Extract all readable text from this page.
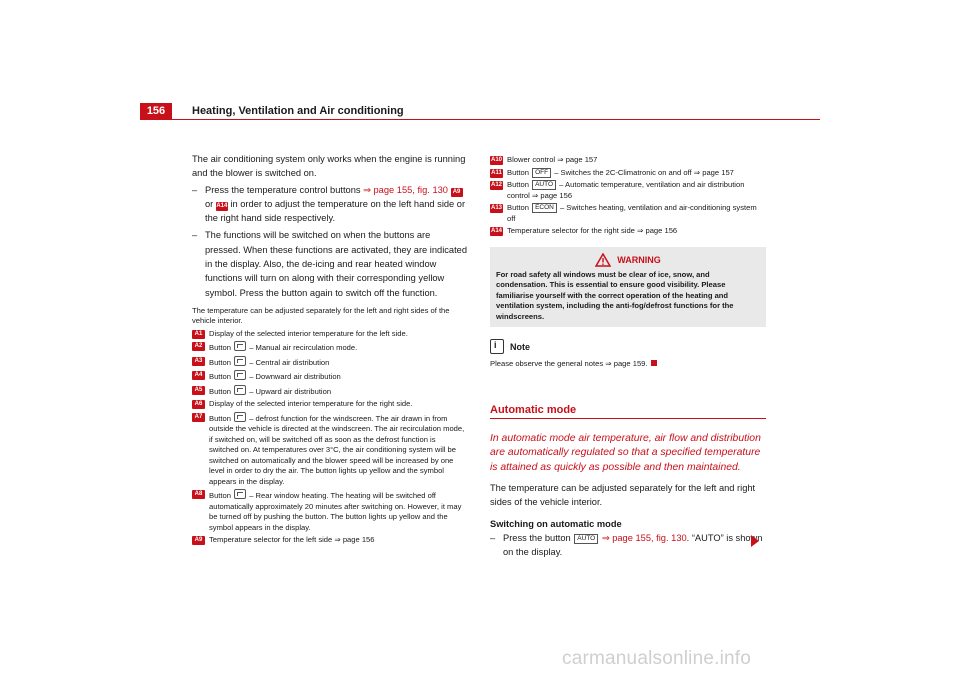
156	Heating, Ventilation and Air conditioning

The air conditioning system only works when the engine is running and the blower is switched on.

– Press the temperature control buttons ⇒ page 155, fig. 130 A9 or A14 in order to adjust the temperature on the left hand side or the right hand side respectively.
– The functions will be switched on when the buttons are pressed. When these functions are activated, they are indicated in the display. Also, the de-icing and rear heated window functions will turn on along with their corresponding yellow symbol. Press the button again to switch off the function.

The temperature can be adjusted separately for the left and right sides of the vehicle interior.

A1 Display of the selected interior temperature for the left side.
A2 Button  – Manual air recirculation mode.
A3 Button  – Central air distribution
A4 Button  – Downward air distribution
A5 Button  – Upward air distribution
A6 Display of the selected interior temperature for the right side.
A7 Button  – defrost function for the windscreen. The air drawn in from outside the vehicle is directed at the windscreen. The air recirculation mode, if switched on, will be switched off as soon as the defrost function is switched on. At temperatures over 3°C, the air conditioning system will be switched on automatically and the blower speed will be increased by one level in order to dry the air. The button lights up yellow and the symbol appears in the display.
A8 Button  – Rear window heating. The heating will be switched off automatically approximately 20 minutes after switching on. However, it may be turned off by pushing the button. The button lights up yellow and the symbol appears in the display.
A9 Temperature selector for the left side ⇒ page 156
A10 Blower control ⇒ page 157
A11 Button OFF – Switches the 2C-Climatronic on and off ⇒ page 157
A12 Button AUTO – Automatic temperature, ventilation and air distribution control ⇒ page 156
A13 Button ECON – Switches heating, ventilation and air-conditioning system off
A14 Temperature selector for the right side ⇒ page 156
WARNING
For road safety all windows must be clear of ice, snow, and condensation. This is essential to ensure good visibility. Please familiarise yourself with the correct operation of the heating and ventilation system, including the anti-fog/defrost functions for the windscreens.
i
Note

Please observe the general notes ⇒ page 159.

Automatic mode
In automatic mode air temperature, air flow and distribution are automatically regulated so that a specified temperature is attained as quickly as possible and then maintained.

The temperature can be adjusted separately for the left and right sides of the vehicle interior.

Switching on automatic mode
– Press the button AUTO ⇒ page 155, fig. 130. “AUTO” is shown on the display.
carmanualsonline.info
